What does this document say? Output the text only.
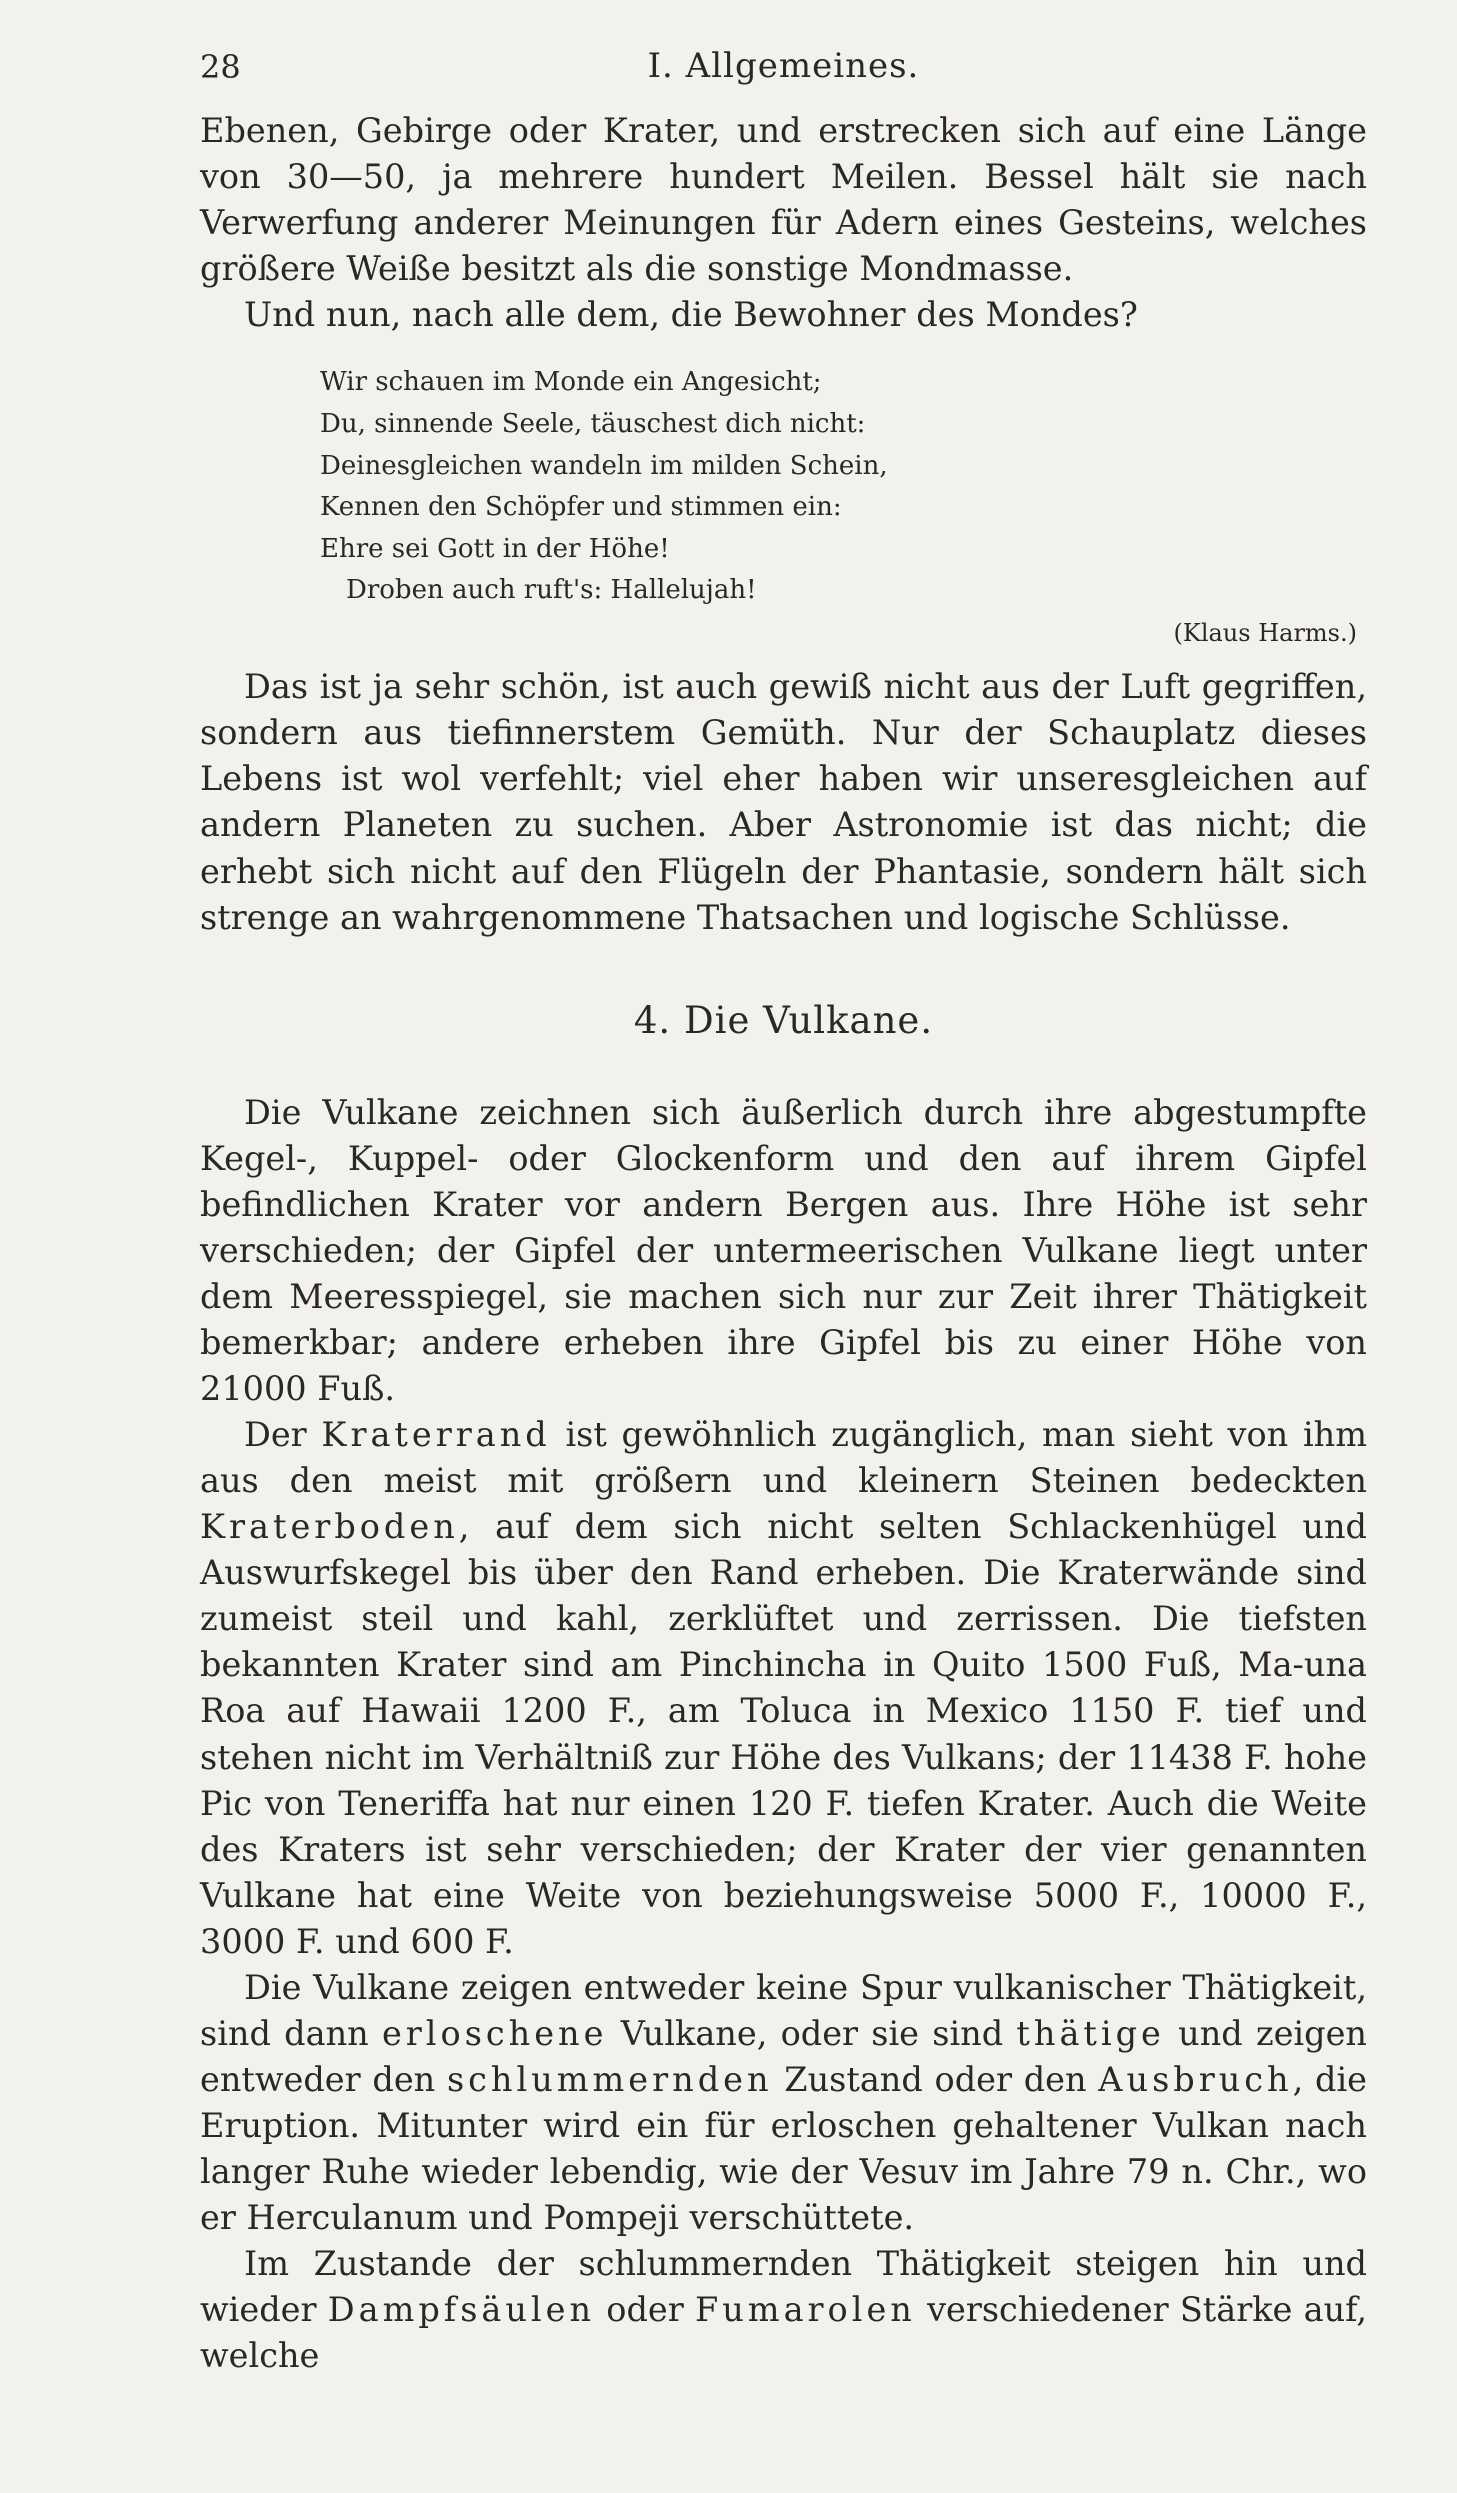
28	I. Allgemeines.

Ebenen, Gebirge oder Krater, und erstrecken sich auf eine Länge von 30—50, ja mehrere hundert Meilen. Bessel hält sie nach Verwerfung anderer Meinungen für Adern eines Gesteins, welches größere Weiße besitzt als die sonstige Mondmasse.

Und nun, nach alle dem, die Bewohner des Mondes?

Wir schauen im Monde ein Angesicht;
Du, sinnende Seele, täuschest dich nicht:
Deinesgleichen wandeln im milden Schein,
Kennen den Schöpfer und stimmen ein:
Ehre sei Gott in der Höhe!
Droben auch ruft's: Hallelujah!
(Klaus Harms.)

Das ist ja sehr schön, ist auch gewiß nicht aus der Luft gegriffen, sondern aus tiefinnerstem Gemüth. Nur der Schauplatz dieses Lebens ist wol verfehlt; viel eher haben wir unseresgleichen auf andern Planeten zu suchen. Aber Astronomie ist das nicht; die erhebt sich nicht auf den Flügeln der Phantasie, sondern hält sich strenge an wahrgenommene Thatsachen und logische Schlüsse.

4. Die Vulkane.

Die Vulkane zeichnen sich äußerlich durch ihre abgestumpfte Kegel-, Kuppel- oder Glockenform und den auf ihrem Gipfel befindlichen Krater vor andern Bergen aus. Ihre Höhe ist sehr verschieden; der Gipfel der untermeerischen Vulkane liegt unter dem Meeresspiegel, sie machen sich nur zur Zeit ihrer Thätigkeit bemerkbar; andere erheben ihre Gipfel bis zu einer Höhe von 21000 Fuß.

Der Kraterrand ist gewöhnlich zugänglich, man sieht von ihm aus den meist mit größern und kleinern Steinen bedeckten Kraterboden, auf dem sich nicht selten Schlackenhügel und Auswurfskegel bis über den Rand erheben. Die Kraterwände sind zumeist steil und kahl, zerklüftet und zerrissen. Die tiefsten bekannten Krater sind am Pinchincha in Quito 1500 Fuß, Ma-una Roa auf Hawaii 1200 F., am Toluca in Mexico 1150 F. tief und stehen nicht im Verhältniß zur Höhe des Vulkans; der 11438 F. hohe Pic von Teneriffa hat nur einen 120 F. tiefen Krater. Auch die Weite des Kraters ist sehr verschieden; der Krater der vier genannten Vulkane hat eine Weite von beziehungsweise 5000 F., 10000 F., 3000 F. und 600 F.

Die Vulkane zeigen entweder keine Spur vulkanischer Thätigkeit, sind dann erloschene Vulkane, oder sie sind thätige und zeigen entweder den schlummernden Zustand oder den Ausbruch, die Eruption. Mitunter wird ein für erloschen gehaltener Vulkan nach langer Ruhe wieder lebendig, wie der Vesuv im Jahre 79 n. Chr., wo er Herculanum und Pompeji verschüttete.

Im Zustande der schlummernden Thätigkeit steigen hin und wieder Dampfsäulen oder Fumarolen verschiedener Stärke auf, welche
